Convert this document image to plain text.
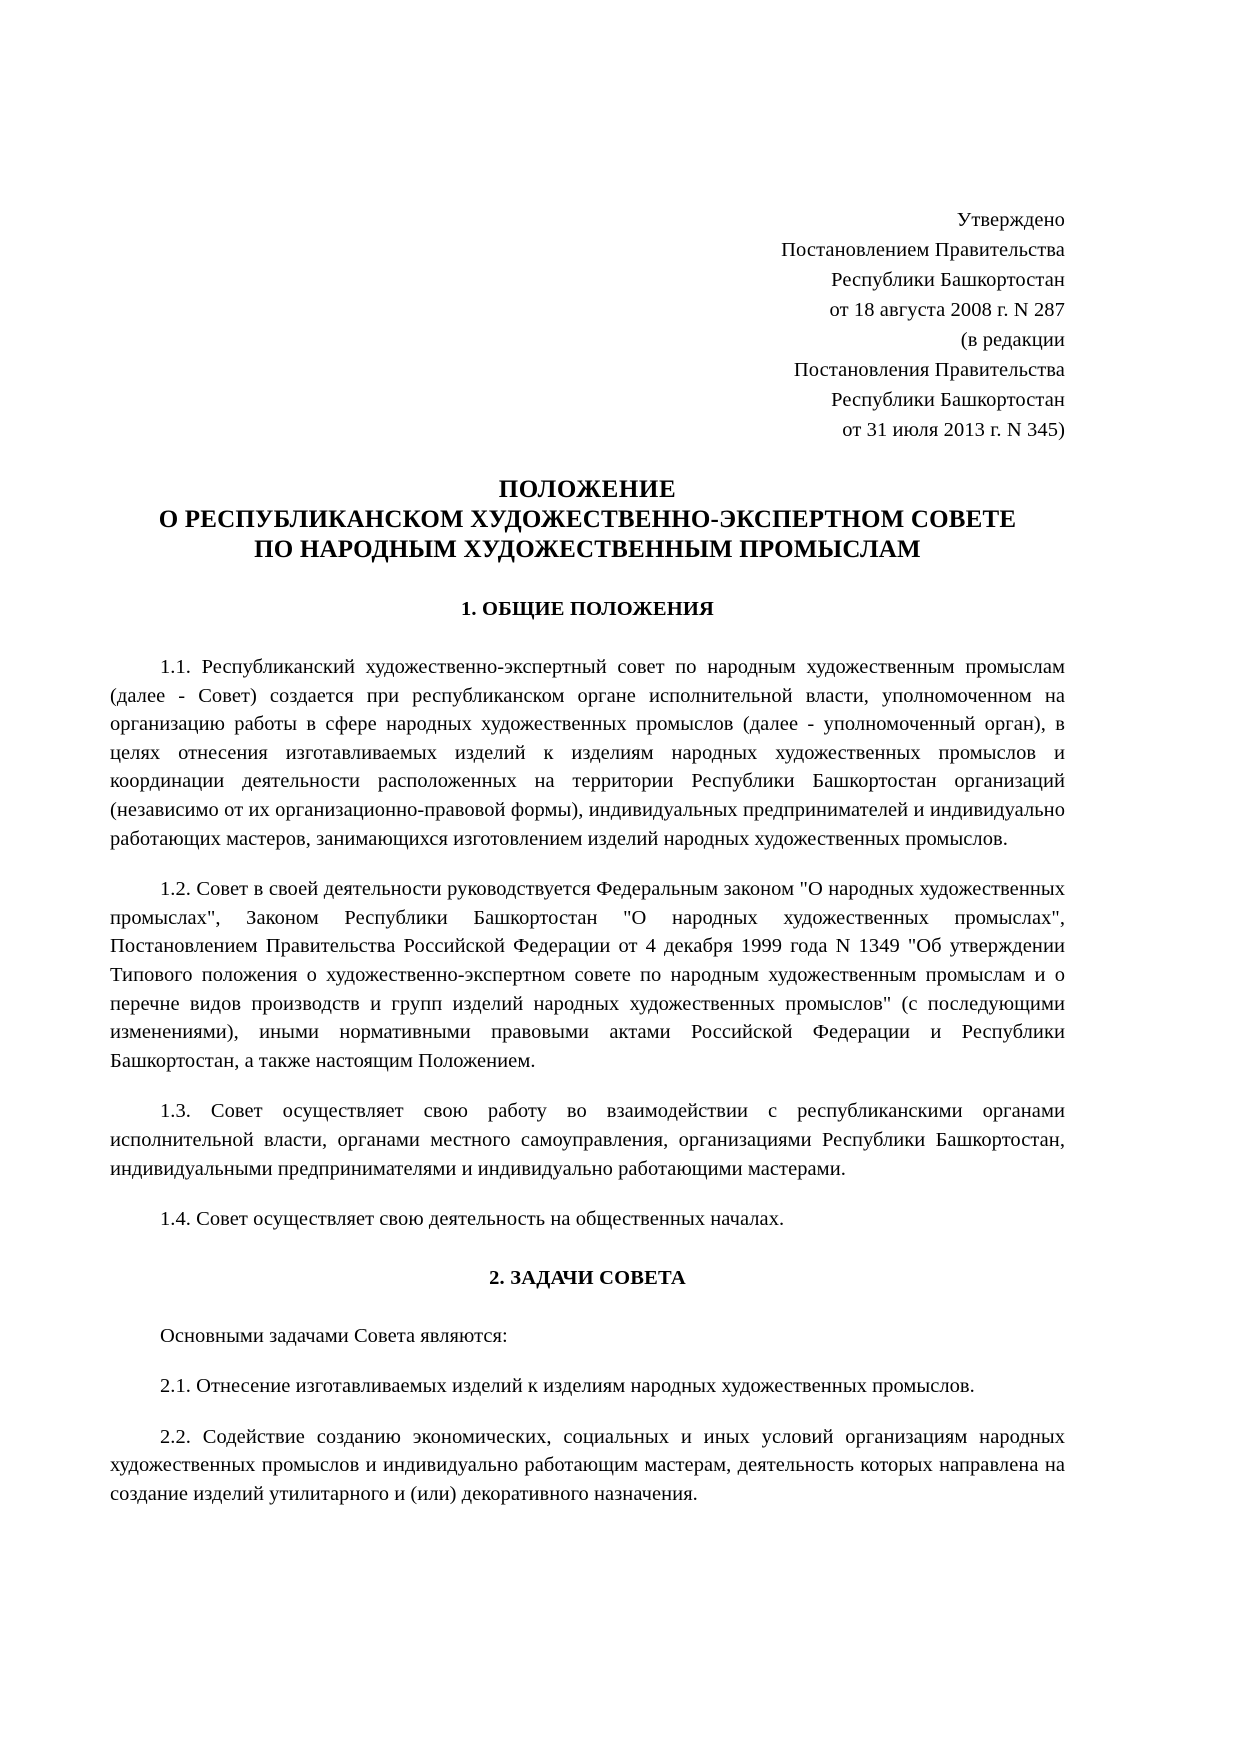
Утверждено
Постановлением Правительства
Республики Башкортостан
от 18 августа 2008 г. N 287
(в редакции
Постановления Правительства
Республики Башкортостан
от 31 июля 2013 г. N 345)
ПОЛОЖЕНИЕ
О РЕСПУБЛИКАНСКОМ ХУДОЖЕСТВЕННО-ЭКСПЕРТНОМ СОВЕТЕ
ПО НАРОДНЫМ ХУДОЖЕСТВЕННЫМ ПРОМЫСЛАМ
1. ОБЩИЕ ПОЛОЖЕНИЯ

1.1. Республиканский художественно-экспертный совет по народным художественным промыслам (далее - Совет) создается при республиканском органе исполнительной власти, уполномоченном на организацию работы в сфере народных художественных промыслов (далее - уполномоченный орган), в целях отнесения изготавливаемых изделий к изделиям народных художественных промыслов и координации деятельности расположенных на территории Республики Башкортостан организаций (независимо от их организационно-правовой формы), индивидуальных предпринимателей и индивидуально работающих мастеров, занимающихся изготовлением изделий народных художественных промыслов.

1.2. Совет в своей деятельности руководствуется Федеральным законом "О народных художественных промыслах", Законом Республики Башкортостан "О народных художественных промыслах", Постановлением Правительства Российской Федерации от 4 декабря 1999 года N 1349 "Об утверждении Типового положения о художественно-экспертном совете по народным художественным промыслам и о перечне видов производств и групп изделий народных художественных промыслов" (с последующими изменениями), иными нормативными правовыми актами Российской Федерации и Республики Башкортостан, а также настоящим Положением.

1.3. Совет осуществляет свою работу во взаимодействии с республиканскими органами исполнительной власти, органами местного самоуправления, организациями Республики Башкортостан, индивидуальными предпринимателями и индивидуально работающими мастерами.

1.4. Совет осуществляет свою деятельность на общественных началах.

2. ЗАДАЧИ СОВЕТА

Основными задачами Совета являются:

2.1. Отнесение изготавливаемых изделий к изделиям народных художественных промыслов.

2.2. Содействие созданию экономических, социальных и иных условий организациям народных художественных промыслов и индивидуально работающим мастерам, деятельность которых направлена на создание изделий утилитарного и (или) декоративного назначения.
